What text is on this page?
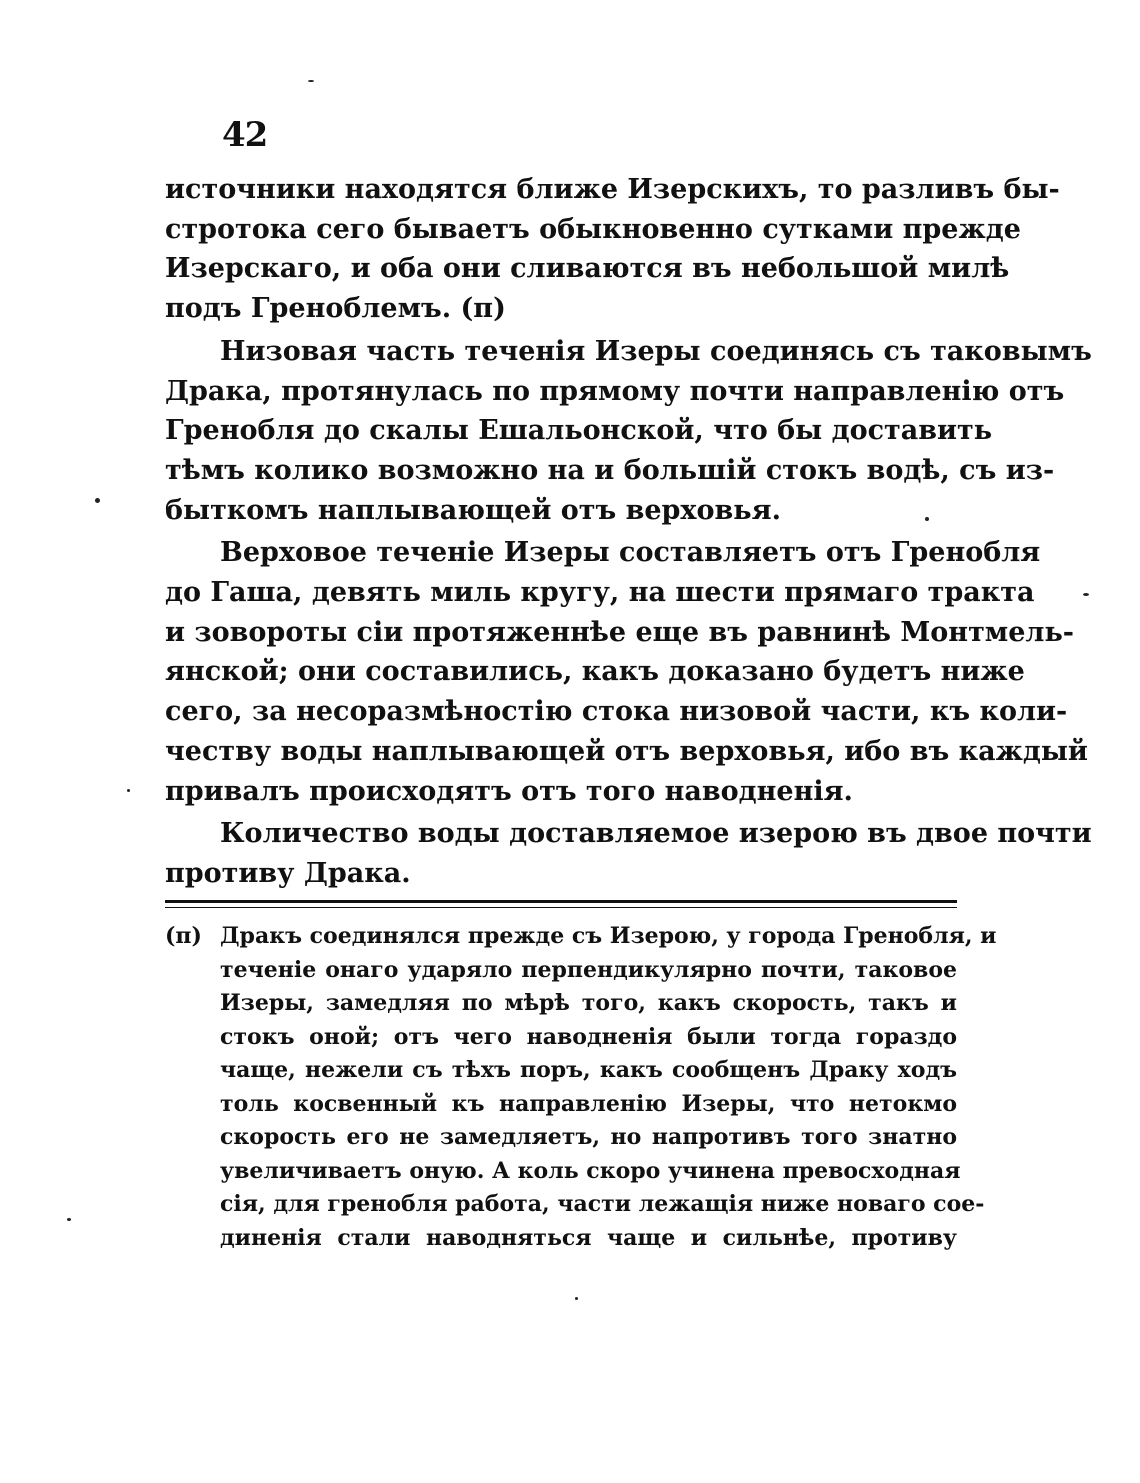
42
источники находятся ближе Изерскихъ, то разливъ бы-
стротока сего бываетъ обыкновенно сутками прежде
Изерскаго, и оба они сливаются въ небольшой милѣ
подъ Греноблемъ. (п)
Низовая часть теченія Изеры соединясь съ таковымъ
Драка, протянулась по прямому почти направленію отъ
Гренобля до скалы Ешальонской, что бы доставить
тѣмъ колико возможно на и большій стокъ водѣ, съ из-
быткомъ наплывающей отъ верховья.
Верховое теченіе Изеры составляетъ отъ Гренобля
до Гаша, девять миль кругу, на шести прямаго тракта
и зовороты сіи протяженнѣе еще въ равнинѣ Монтмель-
янской; они составились, какъ доказано будетъ ниже
сего, за несоразмѣностію стока низовой части, къ коли-
честву воды наплывающей отъ верховья, ибо въ каждый
привалъ происходятъ отъ того наводненія.
Количество воды доставляемое изерою въ двое почти
противу Драка.
(п) Дракъ соединялся прежде съ Изерою, у города Гренобля, и
теченіе онаго ударяло перпендикулярно почти, таковое
Изеры, замедляя по мѣрѣ того, какъ скорость, такъ и
стокъ оной; отъ чего наводненія были тогда гораздо
чаще, нежели съ тѣхъ поръ, какъ сообщенъ Драку ходъ
толь косвенный къ направленію Изеры, что нетокмо
скорость его не замедляетъ, но напротивъ того знатно
увеличиваетъ оную. А коль скоро учинена превосходная
сія, для гренобля работа, части лежащія ниже новаго сое-
диненія стали наводняться чаще и сильнѣе, противу
